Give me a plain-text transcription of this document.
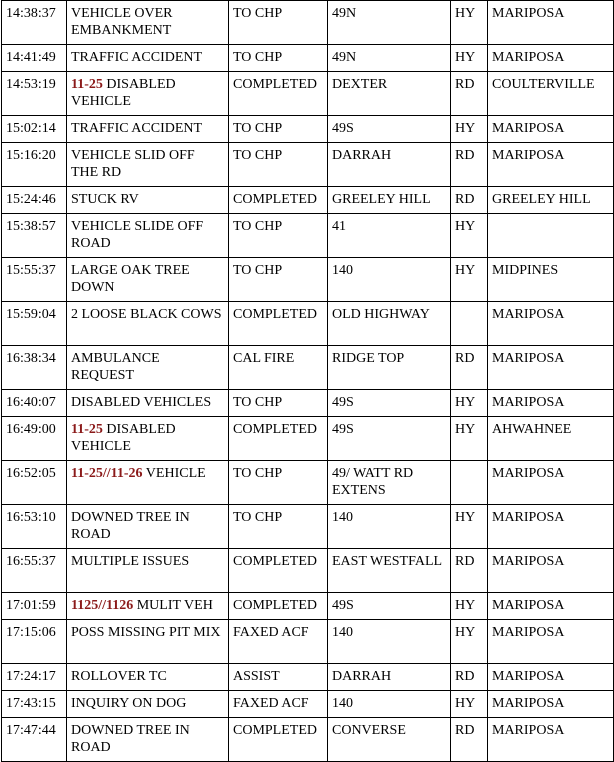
14:38:37	VEHICLE OVER EMBANKMENT	TO CHP	49N	HY	MARIPOSA
14:41:49	TRAFFIC ACCIDENT	TO CHP	49N	HY	MARIPOSA
14:53:19	11-25 DISABLED VEHICLE	COMPLETED	DEXTER	RD	COULTERVILLE
15:02:14	TRAFFIC ACCIDENT	TO CHP	49S	HY	MARIPOSA
15:16:20	VEHICLE SLID OFF THE RD	TO CHP	DARRAH	RD	MARIPOSA
15:24:46	STUCK RV	COMPLETED	GREELEY HILL	RD	GREELEY HILL
15:38:57	VEHICLE SLIDE OFF ROAD	TO CHP	41	HY	
15:55:37	LARGE OAK TREE DOWN	TO CHP	140	HY	MIDPINES
15:59:04	2 LOOSE BLACK COWS	COMPLETED	OLD HIGHWAY		MARIPOSA
16:38:34	AMBULANCE REQUEST	CAL FIRE	RIDGE TOP	RD	MARIPOSA
16:40:07	DISABLED VEHICLES	TO CHP	49S	HY	MARIPOSA
16:49:00	11-25 DISABLED VEHICLE	COMPLETED	49S	HY	AHWAHNEE
16:52:05	11-25//11-26 VEHICLE	TO CHP	49/ WATT RD EXTENS		MARIPOSA
16:53:10	DOWNED TREE IN ROAD	TO CHP	140	HY	MARIPOSA
16:55:37	MULTIPLE ISSUES	COMPLETED	EAST WESTFALL	RD	MARIPOSA
17:01:59	1125//1126 MULIT VEH	COMPLETED	49S	HY	MARIPOSA
17:15:06	POSS MISSING PIT MIX	FAXED ACF	140	HY	MARIPOSA
17:24:17	ROLLOVER TC	ASSIST	DARRAH	RD	MARIPOSA
17:43:15	INQUIRY ON DOG	FAXED ACF	140	HY	MARIPOSA
17:47:44	DOWNED TREE IN ROAD	COMPLETED	CONVERSE	RD	MARIPOSA
